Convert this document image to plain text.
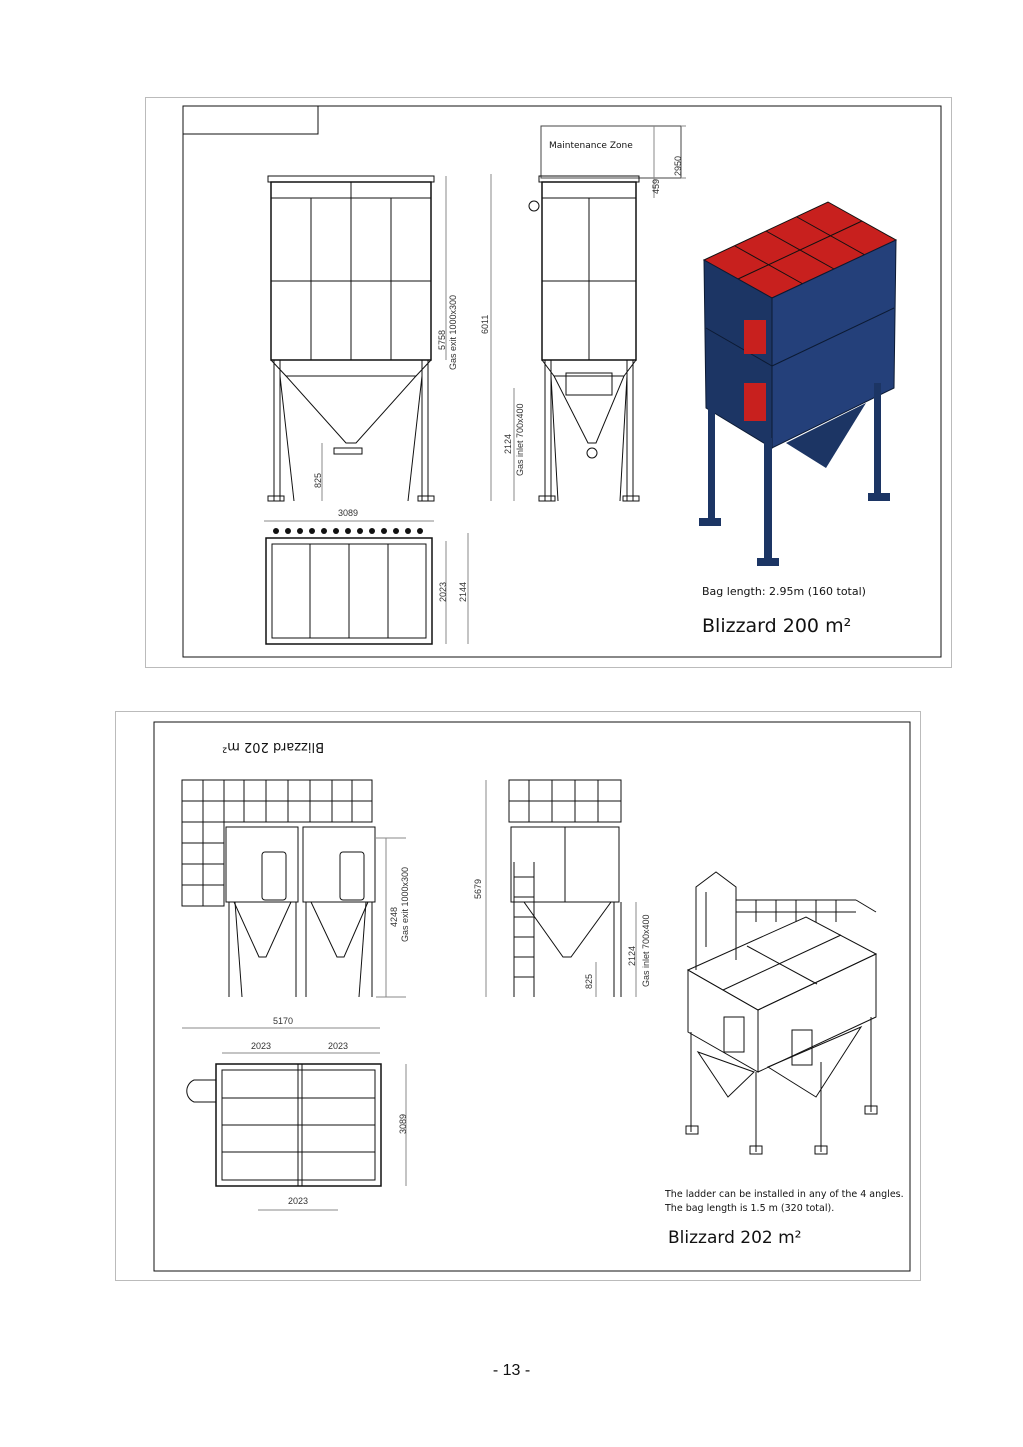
Maintenance Zone
2950
459
6011
5758 Gas exit 1000x300
825
2124 Gas inlet 700x400
3089
2023 2144	Bag length: 2.95m (160 total)
Blizzard 200 m²
Blizzard 202 m²
4248 Gas exit 1000x300	5679
825
2124 Gas inlet 700x400
5170
2023	2023
3089
2023
The ladder can be installed in any of the 4 angles.
The bag length is 1.5 m (320 total).
Blizzard 202 m²
- 13 -
